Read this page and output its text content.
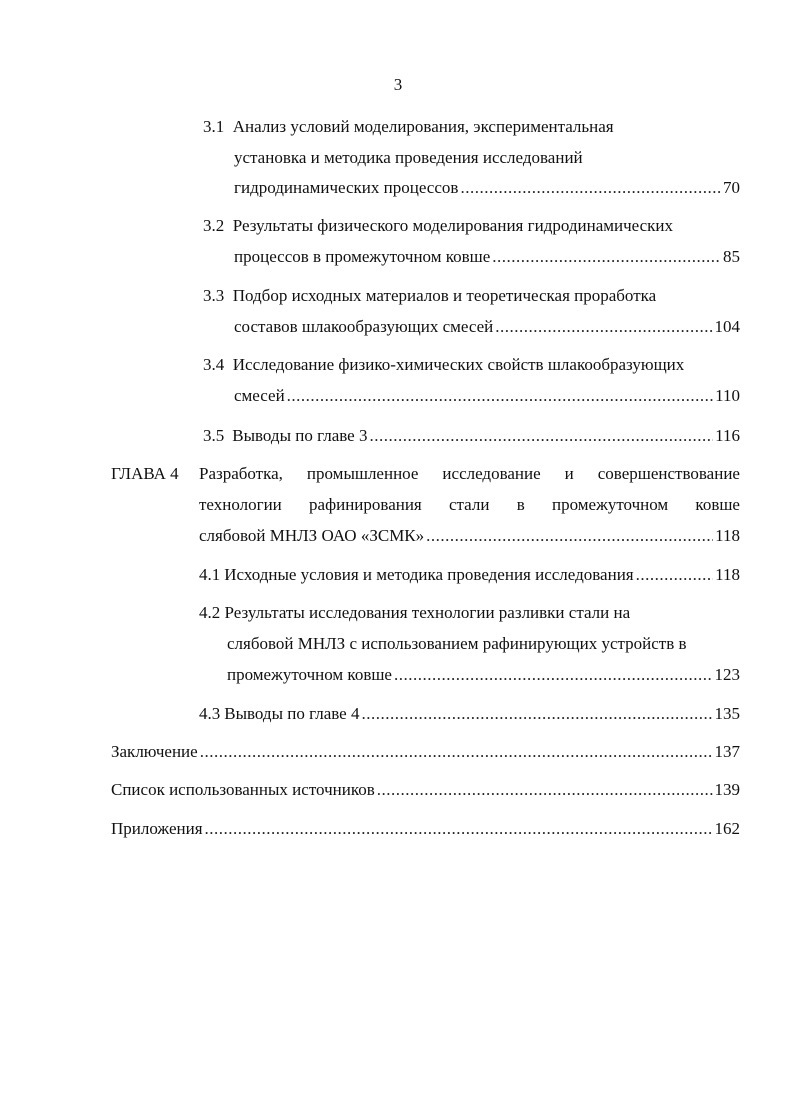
3
3.1 Анализ условий моделирования, экспериментальная
установка и методика проведения исследований
гидродинамических процессов .....	70
3.2 Результаты физического моделирования гидродинамических
процессов в промежуточном ковше .....	85
3.3 Подбор исходных материалов и теоретическая проработка
составов шлакообразующих смесей .....	104
3.4 Исследование физико-химических свойств шлакообразующих
смесей .....	110
3.5 Выводы по главе 3 .....	116
ГЛАВА 4 Разработка, промышленное исследование и совершенствование
технологии рафинирования стали в промежуточном ковше
слябовой МНЛЗ ОАО «ЗСМК» .....	118
4.1 Исходные условия и методика проведения исследования .....	118
4.2 Результаты исследования технологии разливки стали на
слябовой МНЛЗ с использованием рафинирующих устройств в
промежуточном ковше .....	123
4.3 Выводы по главе 4 .....	135
Заключение .....	137
Список использованных источников .....	139
Приложения .....	162
